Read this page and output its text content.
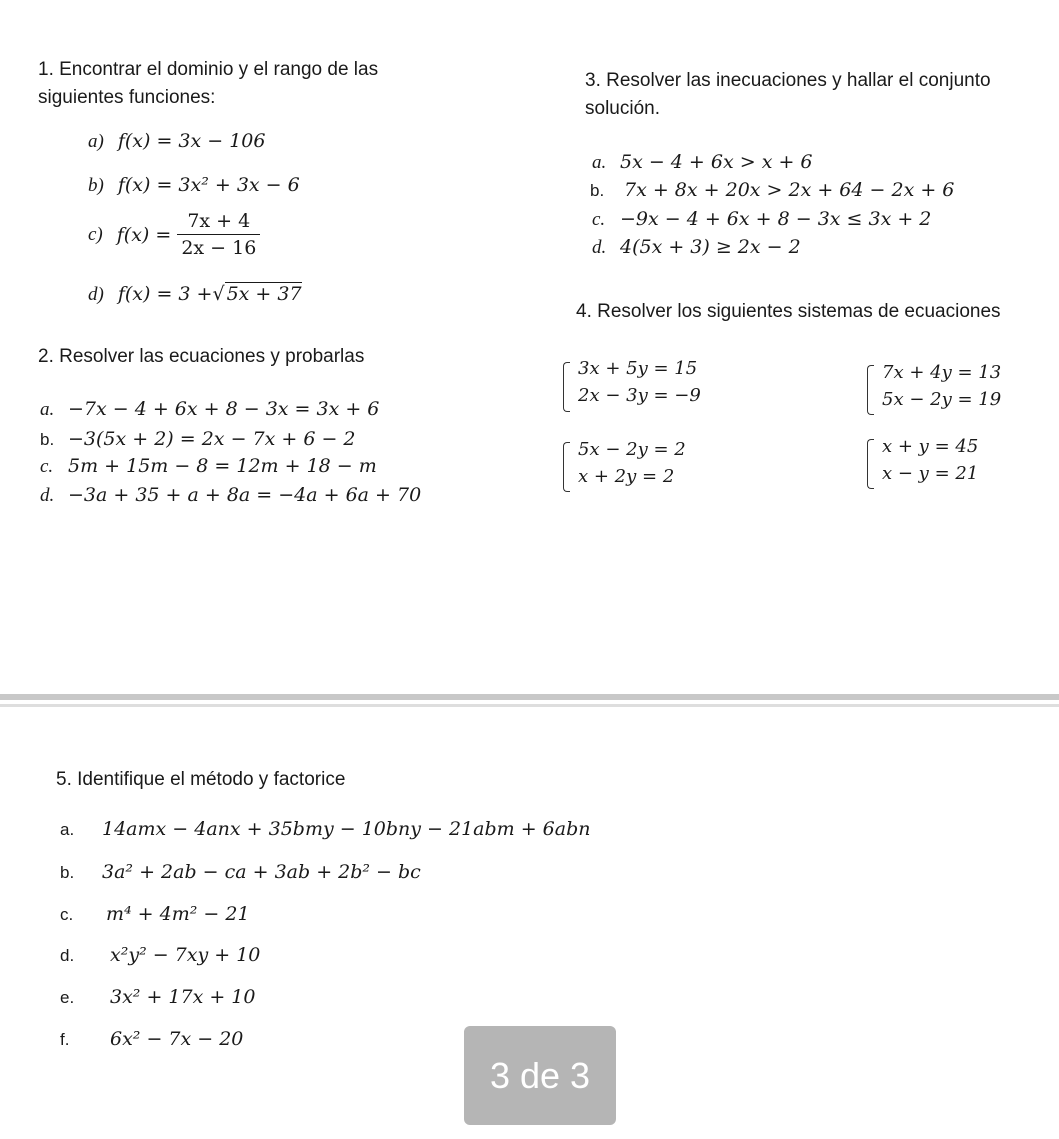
1. Encontrar el dominio y el rango de las
siguientes funciones:
a) f(x) = 3x − 106
b) f(x) = 3x² + 3x − 6
c) $f(x) = \frac{7x + 4}{2x - 16}$
d) f(x) = 3 + √ 5x + 37
2. Resolver las ecuaciones y probarlas
a. −7x − 4 + 6x + 8 − 3x = 3x + 6
b. −3(5x + 2) = 2x − 7x + 6 − 2
c. 5m + 15m − 8 = 12m + 18 − m
d. −3a + 35 + a + 8a = −4a + 6a + 70
3. Resolver las inecuaciones y hallar el conjunto
solución.
a. 5x − 4 + 6x > x + 6
b.	7x + 8x + 20x > 2x + 64 − 2x + 6
c. −9x − 4 + 6x + 8 − 3x ≤ 3x + 2
d. 4(5x + 3) ≥ 2x − 2
4. Resolver los siguientes sistemas de ecuaciones
3x + 5y = 15
2x − 3y = −9
7x + 4y = 13
5x − 2y = 19
5x − 2y = 2
x + 2y = 2
x + y = 45
x − y = 21
5. Identifique el método y factorice
a.	14amx − 4anx + 35bmy − 10bny − 21abm + 6abn
b.	3a² + 2ab − ca + 3ab + 2b² − bc
c.	m⁴ + 4m² − 21
d.	x²y² − 7xy + 10
e.	3x² + 17x + 10
f.	6x² − 7x − 20
3 de 3
